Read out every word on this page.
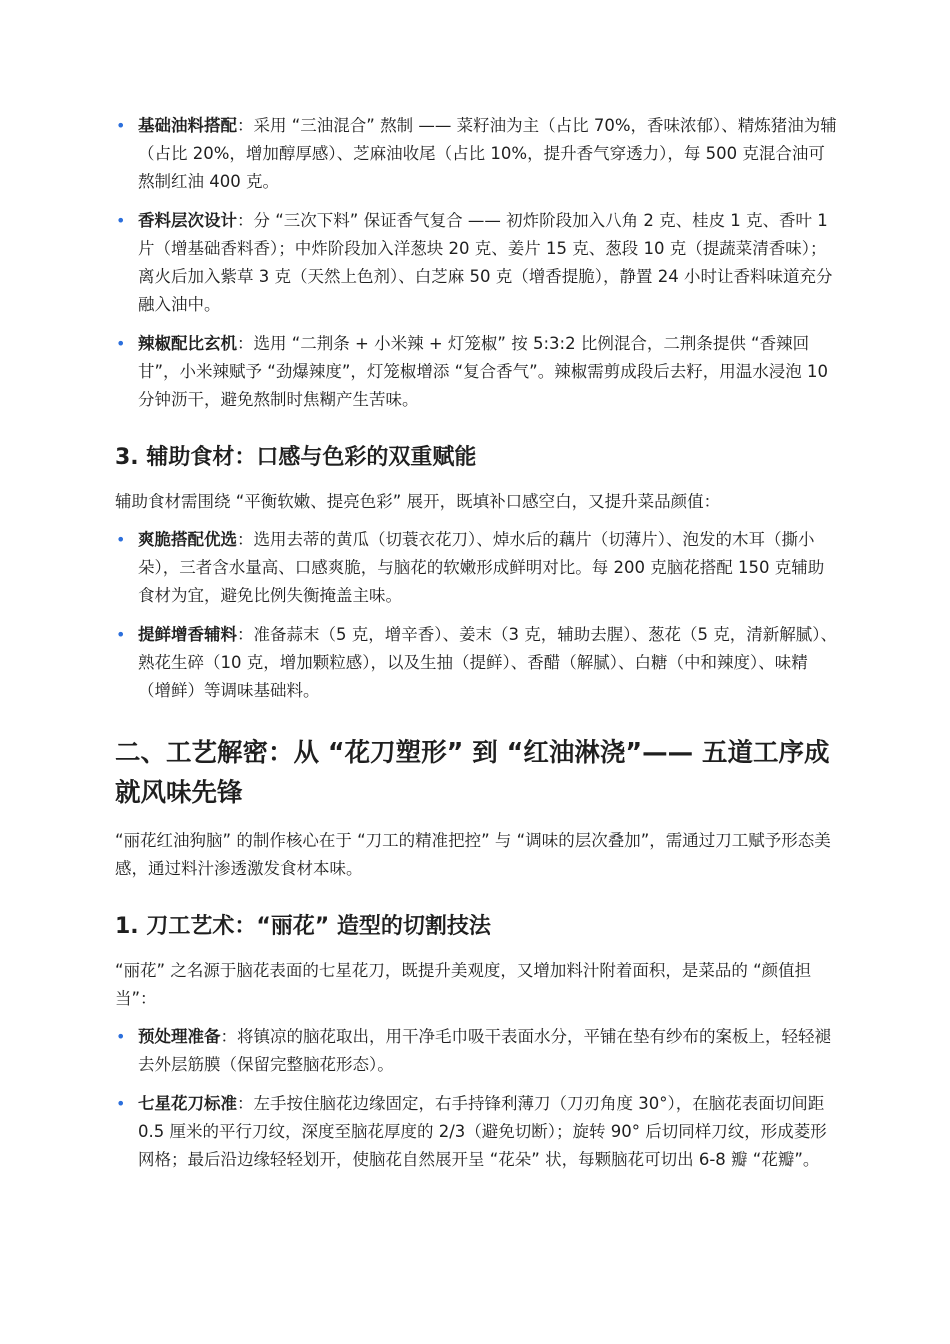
• 基础油料搭配：采用 “三油混合” 熬制 —— 菜籽油为主（占比 70%，香味浓郁）、精炼猪油为辅（占比 20%，增加醇厚感）、芝麻油收尾（占比 10%，提升香气穿透力），每 500 克混合油可熬制红油 400 克。
• 香料层次设计：分 “三次下料” 保证香气复合 —— 初炸阶段加入八角 2 克、桂皮 1 克、香叶 1 片（增基础香料香）；中炸阶段加入洋葱块 20 克、姜片 15 克、葱段 10 克（提蔬菜清香味）；离火后加入紫草 3 克（天然上色剂）、白芝麻 50 克（增香提脆），静置 24 小时让香料味道充分融入油中。
• 辣椒配比玄机：选用 “二荆条 + 小米辣 + 灯笼椒” 按 5:3:2 比例混合，二荆条提供 “香辣回甘”，小米辣赋予 “劲爆辣度”，灯笼椒增添 “复合香气”。辣椒需剪成段后去籽，用温水浸泡 10 分钟沥干，避免熬制时焦糊产生苦味。
3. 辅助食材：口感与色彩的双重赋能

辅助食材需围绕 “平衡软嫩、提亮色彩” 展开，既填补口感空白，又提升菜品颜值：

• 爽脆搭配优选：选用去蒂的黄瓜（切蓑衣花刀）、焯水后的藕片（切薄片）、泡发的木耳（撕小朵），三者含水量高、口感爽脆，与脑花的软嫩形成鲜明对比。每 200 克脑花搭配 150 克辅助食材为宜，避免比例失衡掩盖主味。
• 提鲜增香辅料：准备蒜末（5 克，增辛香）、姜末（3 克，辅助去腥）、葱花（5 克，清新解腻）、熟花生碎（10 克，增加颗粒感），以及生抽（提鲜）、香醋（解腻）、白糖（中和辣度）、味精（增鲜）等调味基础料。
二、工艺解密：从 “花刀塑形” 到 “红油淋浇”—— 五道工序成就风味先锋

“丽花红油狗脑” 的制作核心在于 “刀工的精准把控” 与 “调味的层次叠加”，需通过刀工赋予形态美感，通过料汁渗透激发食材本味。

1. 刀工艺术：“丽花” 造型的切割技法

“丽花” 之名源于脑花表面的七星花刀，既提升美观度，又增加料汁附着面积，是菜品的 “颜值担当”：

• 预处理准备：将镇凉的脑花取出，用干净毛巾吸干表面水分，平铺在垫有纱布的案板上，轻轻褪去外层筋膜（保留完整脑花形态）。
• 七星花刀标准：左手按住脑花边缘固定，右手持锋利薄刀（刀刃角度 30°），在脑花表面切间距 0.5 厘米的平行刀纹，深度至脑花厚度的 2/3（避免切断）；旋转 90° 后切同样刀纹，形成菱形网格；最后沿边缘轻轻划开，使脑花自然展开呈 “花朵” 状，每颗脑花可切出 6-8 瓣 “花瓣”。
